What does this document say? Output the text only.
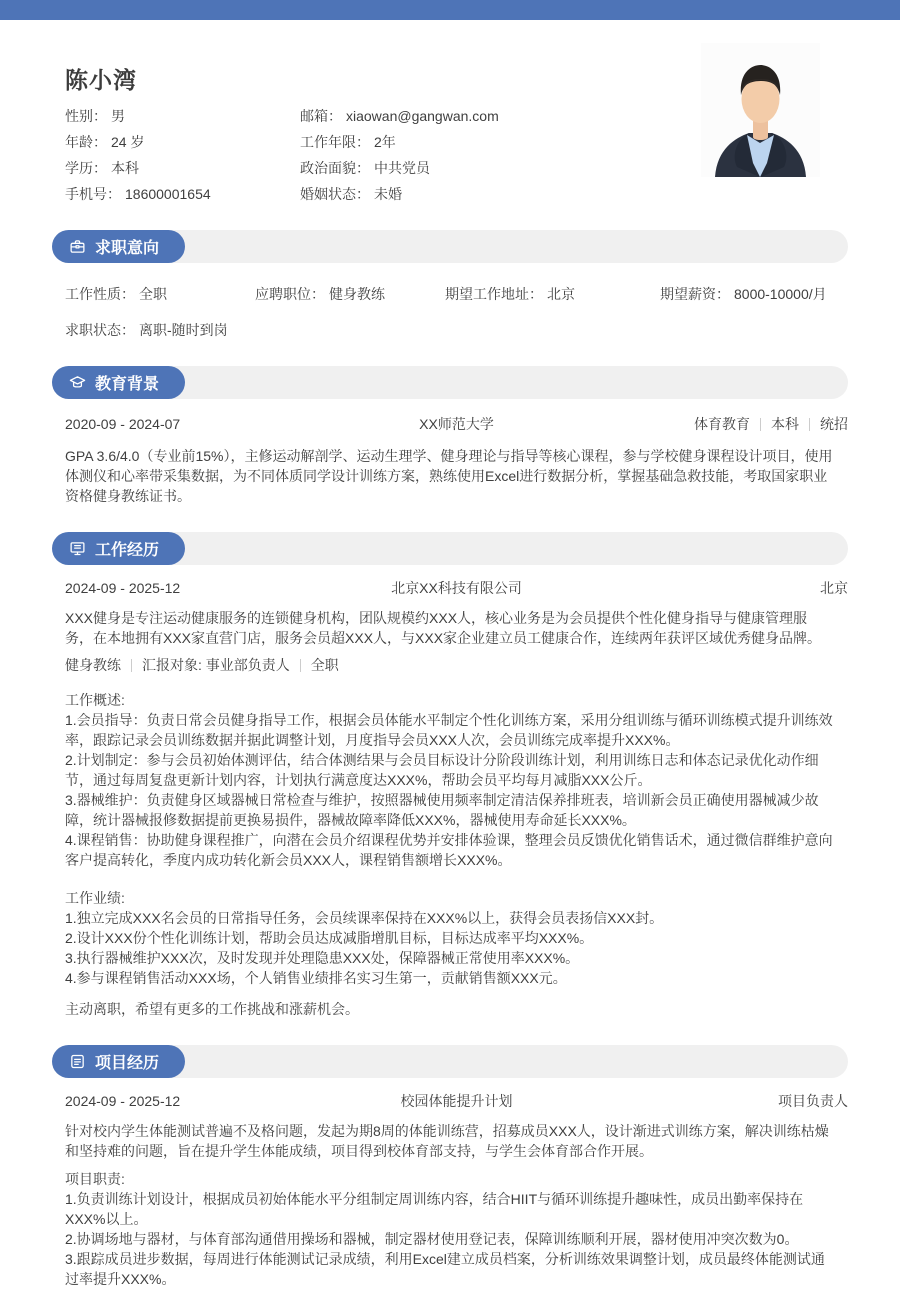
陈小湾
性别： 男	邮箱： xiaowan@gangwan.com
年龄： 24 岁	工作年限： 2年
学历： 本科	政治面貌： 中共党员
手机号： 18600001654	婚姻状态： 未婚
求职意向
工作性质： 全职	应聘职位： 健身教练	期望工作地址： 北京	期望薪资： 8000-10000/月
求职状态： 离职-随时到岗
教育背景
2020-09 - 2024-07	XX师范大学	体育教育 本科 统招
GPA 3.6/4.0（专业前15%），主修运动解剖学、运动生理学、健身理论与指导等核心课程，参与学校健身课程设计项目，使用体测仪和心率带采集数据，为不同体质同学设计训练方案，熟练使用Excel进行数据分析，掌握基础急救技能，考取国家职业资格健身教练证书。
工作经历
2024-09 - 2025-12	北京XX科技有限公司	北京
XXX健身是专注运动健康服务的连锁健身机构，团队规模约XXX人，核心业务是为会员提供个性化健身指导与健康管理服务，在本地拥有XXX家直营门店，服务会员超XXX人，与XXX家企业建立员工健康合作，连续两年获评区域优秀健身品牌。
健身教练 汇报对象: 事业部负责人 全职
工作概述:
1.会员指导：负责日常会员健身指导工作，根据会员体能水平制定个性化训练方案，采用分组训练与循环训练模式提升训练效率，跟踪记录会员训练数据并据此调整计划，月度指导会员XXX人次，会员训练完成率提升XXX%。
2.计划制定：参与会员初始体测评估，结合体测结果与会员目标设计分阶段训练计划，利用训练日志和体态记录优化动作细节，通过每周复盘更新计划内容，计划执行满意度达XXX%，帮助会员平均每月减脂XXX公斤。
3.器械维护：负责健身区域器械日常检查与维护，按照器械使用频率制定清洁保养排班表，培训新会员正确使用器械减少故障，统计器械报修数据提前更换易损件，器械故障率降低XXX%，器械使用寿命延长XXX%。
4.课程销售：协助健身课程推广，向潜在会员介绍课程优势并安排体验课，整理会员反馈优化销售话术，通过微信群维护意向客户提高转化，季度内成功转化新会员XXX人，课程销售额增长XXX%。
工作业绩:
1.独立完成XXX名会员的日常指导任务，会员续课率保持在XXX%以上，获得会员表扬信XXX封。
2.设计XXX份个性化训练计划，帮助会员达成减脂增肌目标，目标达成率平均XXX%。
3.执行器械维护XXX次，及时发现并处理隐患XXX处，保障器械正常使用率XXX%。
4.参与课程销售活动XXX场，个人销售业绩排名实习生第一，贡献销售额XXX元。
主动离职，希望有更多的工作挑战和涨薪机会。
项目经历
2024-09 - 2025-12	校园体能提升计划	项目负责人
针对校内学生体能测试普遍不及格问题，发起为期8周的体能训练营，招募成员XXX人，设计渐进式训练方案，解决训练枯燥和坚持难的问题，旨在提升学生体能成绩，项目得到校体育部支持，与学生会体育部合作开展。
项目职责:
1.负责训练计划设计，根据成员初始体能水平分组制定周训练内容，结合HIIT与循环训练提升趣味性，成员出勤率保持在XXX%以上。
2.协调场地与器材，与体育部沟通借用操场和器械，制定器材使用登记表，保障训练顺利开展，器材使用冲突次数为0。
3.跟踪成员进步数据，每周进行体能测试记录成绩，利用Excel建立成员档案，分析训练效果调整计划，成员最终体能测试通过率提升XXX%。
